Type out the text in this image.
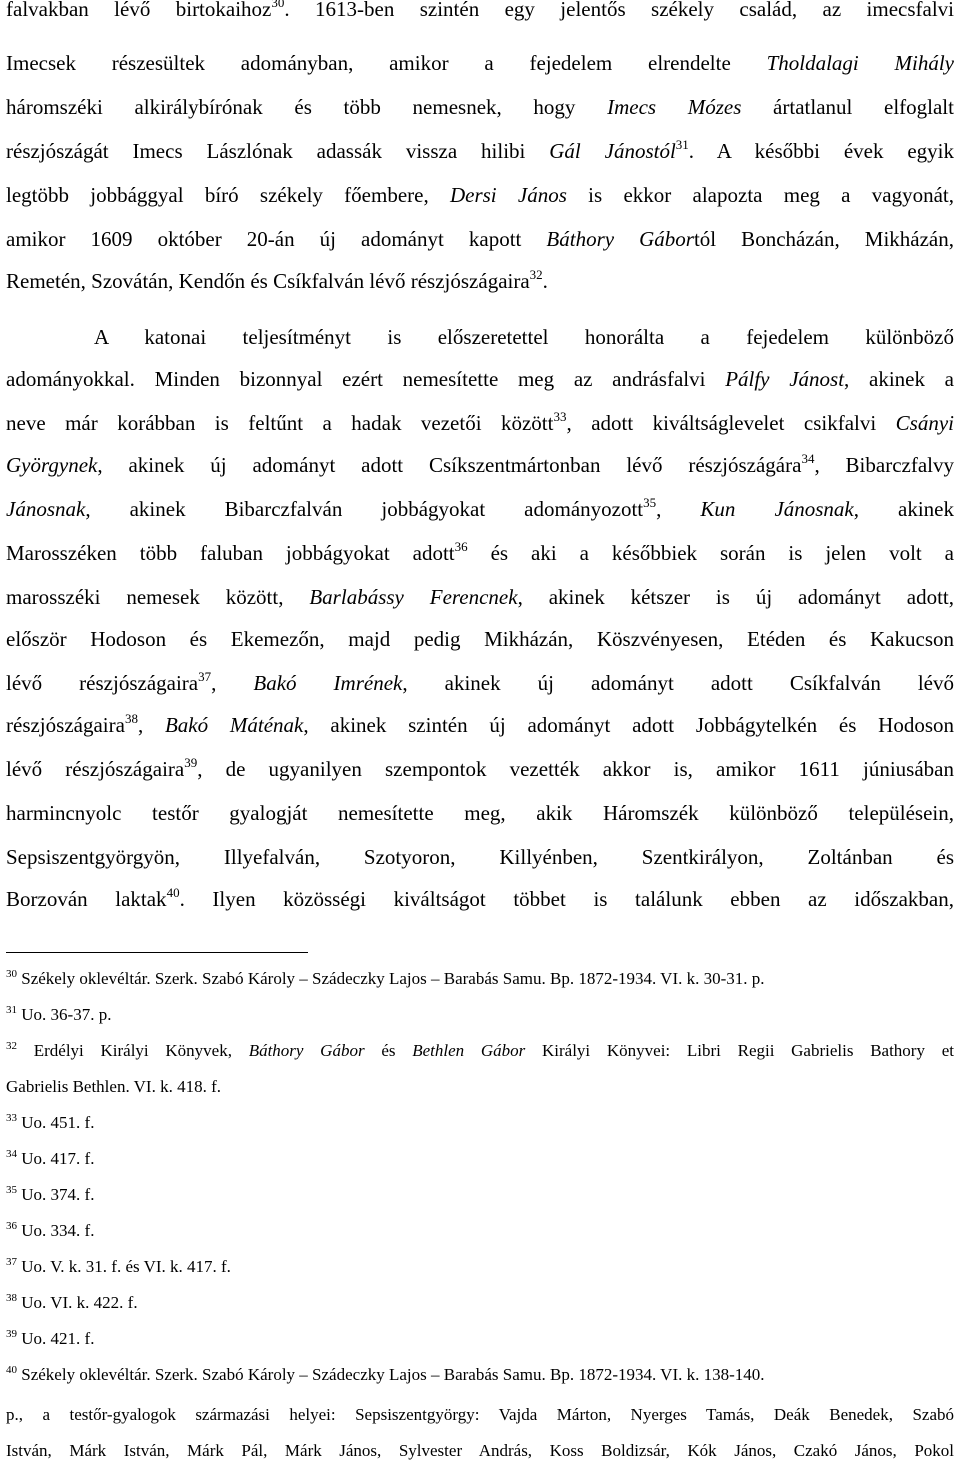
falvakban lévő birtokaihoz$^{30}$. 1613-ben szintén egy jelentős székely család, az imecsfalvi
Imecsek részesültek adományban, amikor a fejedelem elrendelte Tholdalagi Mihály
háromszéki alkirálybírónak és több nemesnek, hogy Imecs Mózes ártatlanul elfoglalt
részjószágát Imecs Lászlónak adassák vissza hilibi Gál Jánostól$^{31}$. A későbbi évek egyik
legtöbb jobbággyal bíró székely főembere, Dersi János is ekkor alapozta meg a vagyonát,
amikor 1609 október 20-án új adományt kapott Báthory Gábortól Boncházán, Mikházán,
Remetén, Szovátán, Kendőn és Csíkfalván lévő részjószágaira$^{32}$.
A katonai teljesítményt is előszeretettel honorálta a fejedelem különböző
adományokkal. Minden bizonnyal ezért nemesítette meg az andrásfalvi Pálfy Jánost, akinek a
neve már korábban is feltűnt a hadak vezetői között$^{33}$, adott kiváltságlevelet csikfalvi Csányi
Györgynek, akinek új adományt adott Csíkszentmártonban lévő részjószágára$^{34}$, Bibarczfalvy
Jánosnak, akinek Bibarczfalván jobbágyokat adományozott$^{35}$, Kun Jánosnak, akinek
Marosszéken több faluban jobbágyokat adott$^{36}$ és aki a későbbiek során is jelen volt a
marosszéki nemesek között, Barlabássy Ferencnek, akinek kétszer is új adományt adott,
először Hodoson és Ekemezőn, majd pedig Mikházán, Köszvényesen, Etéden és Kakucson
lévő részjószágaira$^{37}$, Bakó Imrének, akinek új adományt adott Csíkfalván lévő
részjószágaira$^{38}$, Bakó Máténak, akinek szintén új adományt adott Jobbágytelkén és Hodoson
lévő részjószágaira$^{39}$, de ugyanilyen szempontok vezették akkor is, amikor 1611 júniusában
harmincnyolc testőr gyalogját nemesítette meg, akik Háromszék különböző településein,
Sepsiszentgyörgyön, Illyefalván, Szotyoron, Killyénben, Szentkirályon, Zoltánban és
Borzován laktak$^{40}$. Ilyen közösségi kiváltságot többet is találunk ebben az időszakban,
$^{30}$ Székely oklevéltár. Szerk. Szabó Károly – Szádeczky Lajos – Barabás Samu. Bp. 1872-1934. VI. k. 30-31. p.
$^{31}$ Uo. 36-37. p.
$^{32}$ Erdélyi Királyi Könyvek, Báthory Gábor és Bethlen Gábor Királyi Könyvei: Libri Regii Gabrielis Bathory et
Gabrielis Bethlen. VI. k. 418. f.
$^{33}$ Uo. 451. f.
$^{34}$ Uo. 417. f.
$^{35}$ Uo. 374. f.
$^{36}$ Uo. 334. f.
$^{37}$ Uo. V. k. 31. f. és VI. k. 417. f.
$^{38}$ Uo. VI. k. 422. f.
$^{39}$ Uo. 421. f.
$^{40}$ Székely oklevéltár. Szerk. Szabó Károly – Szádeczky Lajos – Barabás Samu. Bp. 1872-1934. VI. k. 138-140.
p., a testőr-gyalogok származási helyei: Sepsiszentgyörgy: Vajda Márton, Nyerges Tamás, Deák Benedek, Szabó
István, Márk István, Márk Pál, Márk János, Sylvester András, Koss Boldizsár, Kók János, Czakó János, Pokol
